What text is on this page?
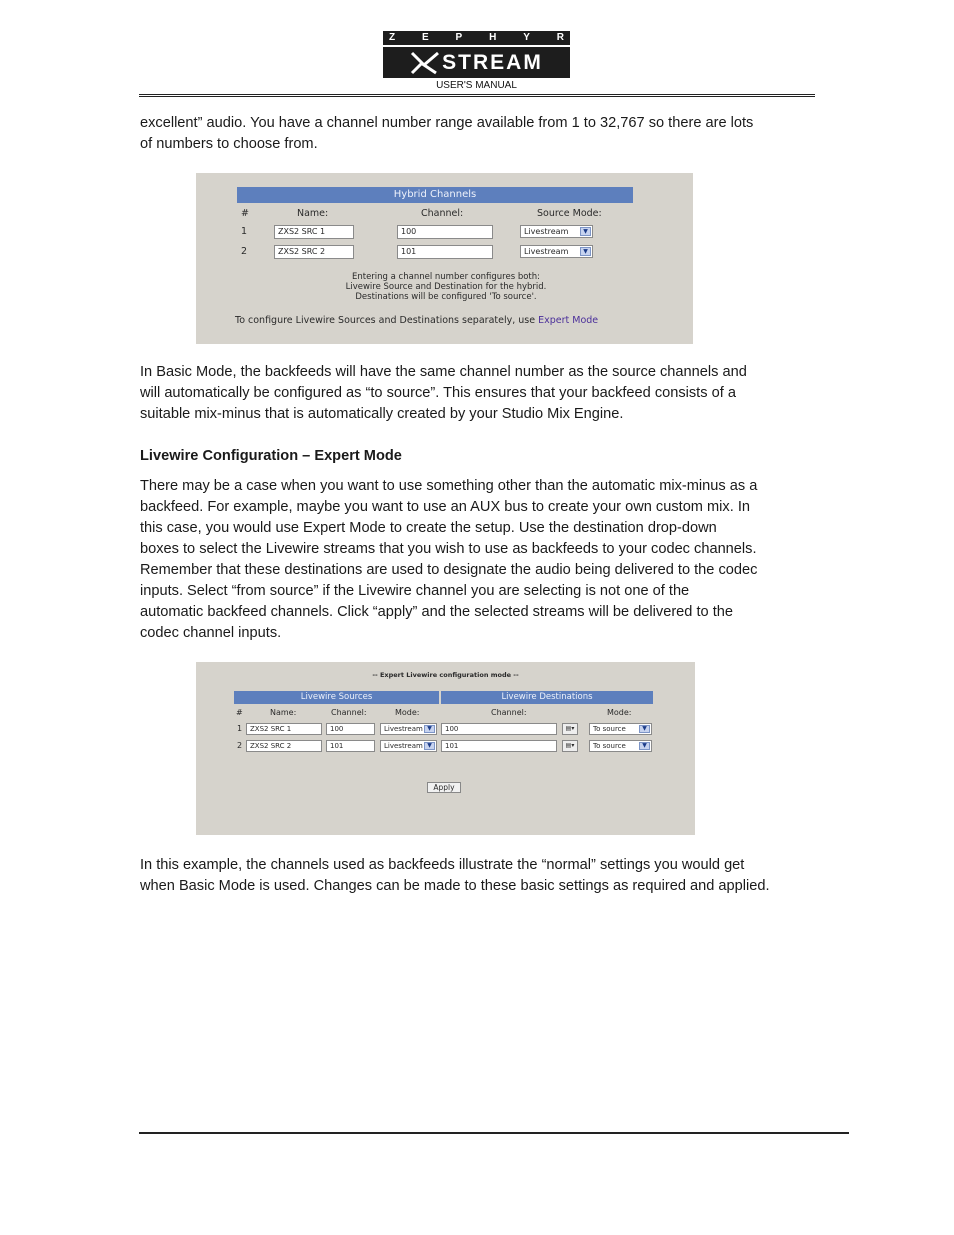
Z	E	P	H	Y	R
STREAM
USER'S MANUAL

excellent” audio. You have a channel number range available from 1 to 32,767 so there are lots
of numbers to choose from.

Hybrid Channels
#	Name:	Channel:	Source Mode:
1	ZXS2 SRC 1	100	Livestream	▼
2	ZXS2 SRC 2	101	Livestream	▼
Entering a channel number configures both:
Livewire Source and Destination for the hybrid.
Destinations will be configured 'To source'.
To configure Livewire Sources and Destinations separately, use Expert Mode

In Basic Mode, the backfeeds will have the same channel number as the source channels and
will automatically be configured as “to source”. This ensures that your backfeed consists of a
suitable mix-minus that is automatically created by your Studio Mix Engine.

Livewire Configuration – Expert Mode

There may be a case when you want to use something other than the automatic mix-minus as a
backfeed. For example, maybe you want to use an AUX bus to create your own custom mix. In
this case, you would use Expert Mode to create the setup. Use the destination drop-down
boxes to select the Livewire streams that you wish to use as backfeeds to your codec channels.
Remember that these destinations are used to designate the audio being delivered to the codec
inputs. Select “from source” if the Livewire channel you are selecting is not one of the
automatic backfeed channels. Click “apply” and the selected streams will be delivered to the
codec channel inputs.

-- Expert Livewire configuration mode --
Livewire Sources	Livewire Destinations
#	Name:	Channel:	Mode:	Channel:	Mode:
1	ZXS2 SRC 1	100	Livestream ▼	100	▤▾	To source	▼
2	ZXS2 SRC 2	101	Livestream ▼	101	▤▾	To source	▼
Apply

In this example, the channels used as backfeeds illustrate the “normal” settings you would get
when Basic Mode is used. Changes can be made to these basic settings as required and applied.
